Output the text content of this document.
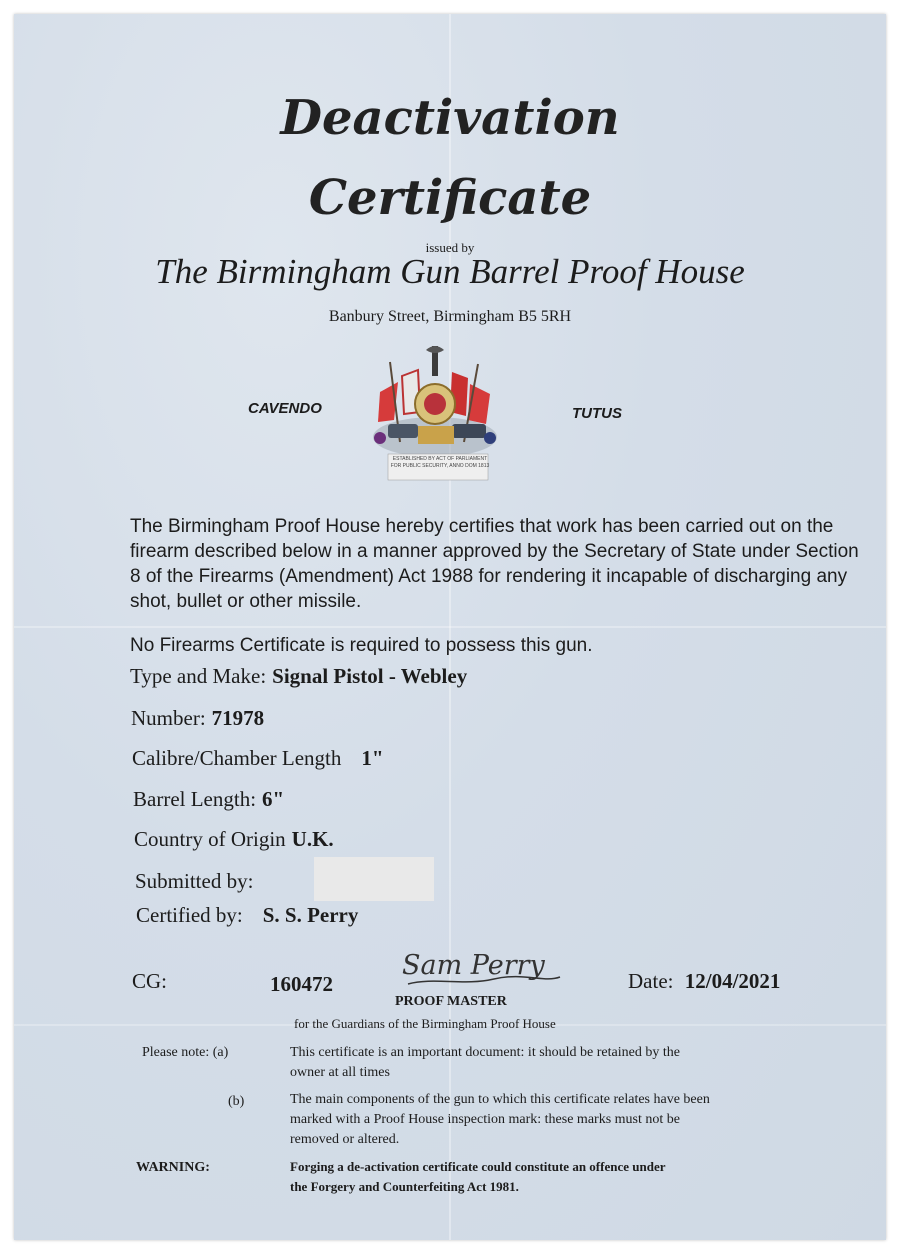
Deactivation
Certificate
issued by
The Birmingham Gun Barrel Proof House
Banbury Street, Birmingham B5 5RH
CAVENDO	TUTUS
ESTABLISHED BY ACT OF PARLIAMENT
FOR PUBLIC SECURITY, ANNO DOM 1813
The Birmingham Proof House hereby certifies that work has been carried out on the firearm described below in a manner approved by the Secretary of State under Section 8 of the Firearms (Amendment) Act 1988 for rendering it incapable of discharging any shot, bullet or other missile.
No Firearms Certificate is required to possess this gun.
Type and Make: Signal Pistol - Webley
Number: 71978
Calibre/Chamber Length 1"
Barrel Length: 6"
Country of Origin U.K.
Submitted by:
Certified by: S. S. Perry
CG:	160472
Sam Perry
PROOF MASTER
for the Guardians of the Birmingham Proof House
Date: 12/04/2021
Please note: (a)	This certificate is an important document: it should be retained by the
owner at all times
(b)	The main components of the gun to which this certificate relates have been
marked with a Proof House inspection mark: these marks must not be
removed or altered.
WARNING:	Forging a de-activation certificate could constitute an offence under
the Forgery and Counterfeiting Act 1981.
